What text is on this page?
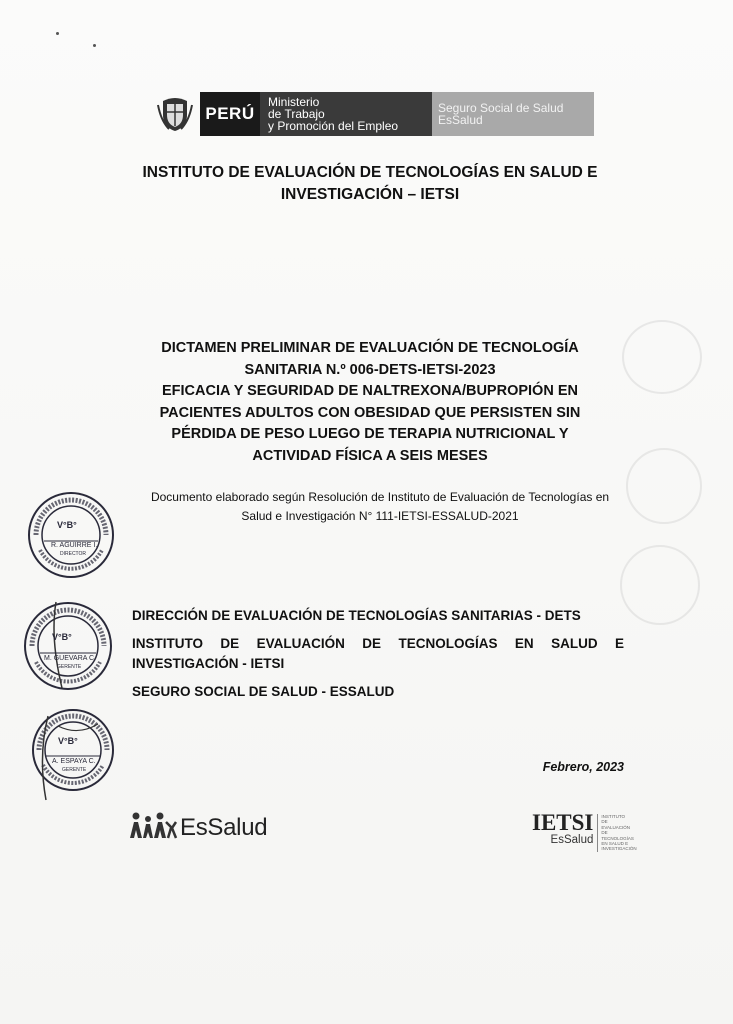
PERÚ
Ministerio
de Trabajo
y Promoción del Empleo
Seguro Social de Salud
EsSalud
INSTITUTO DE EVALUACIÓN DE TECNOLOGÍAS EN SALUD E
INVESTIGACIÓN – IETSI
DICTAMEN PRELIMINAR DE EVALUACIÓN DE TECNOLOGÍA
SANITARIA N.º 006-DETS-IETSI-2023
EFICACIA Y SEGURIDAD DE NALTREXONA/BUPROPIÓN EN
PACIENTES ADULTOS CON OBESIDAD QUE PERSISTEN SIN
PÉRDIDA DE PESO LUEGO DE TERAPIA NUTRICIONAL Y
ACTIVIDAD FÍSICA A SEIS MESES
Documento elaborado según Resolución de Instituto de Evaluación de Tecnologías en
Salud e Investigación N° 111-IETSI-ESSALUD-2021
V°B°
R. AGUIRRE I.
DIRECTOR
V°B°
M. GUEVARA C.
GERENTE
V°B°
A. ESPAYA C.
GERENTE
DIRECCIÓN DE EVALUACIÓN DE TECNOLOGÍAS SANITARIAS - DETS
INSTITUTO DE EVALUACIÓN DE TECNOLOGÍAS EN SALUD E
INVESTIGACIÓN - IETSI
SEGURO SOCIAL DE SALUD - ESSALUD
Febrero, 2023
EsSalud	IETSI
EsSalud
INSTITUTO DE EVALUACIÓN DE TECNOLOGÍAS EN SALUD E INVESTIGACIÓN
